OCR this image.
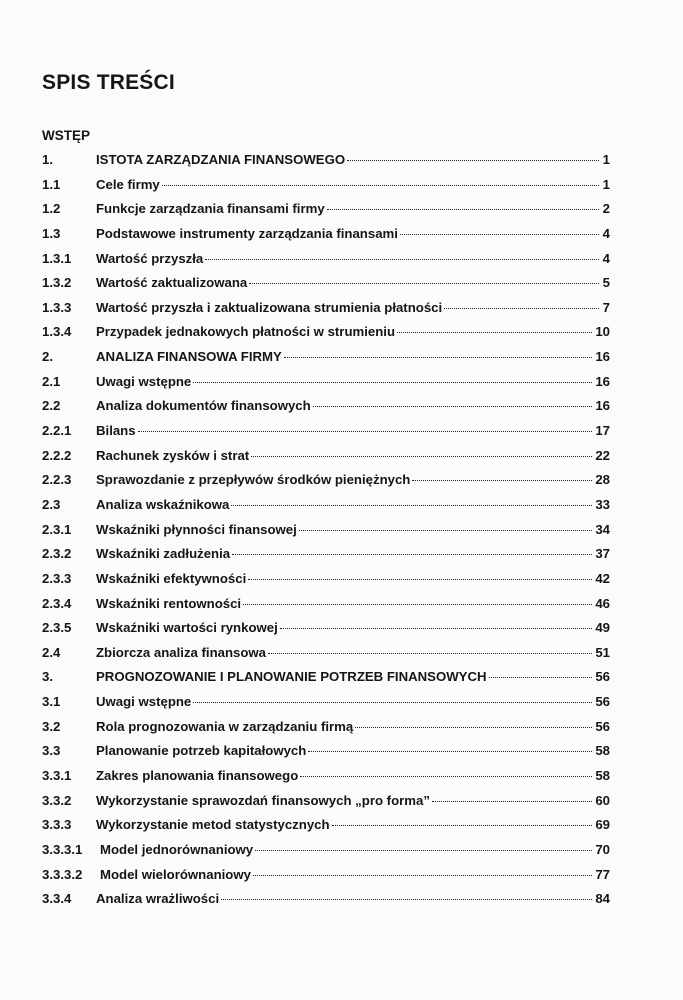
SPIS TREŚCI
WSTĘP
1.	ISTOTA ZARZĄDZANIA FINANSOWEGO	1
1.1	Cele firmy	1
1.2	Funkcje zarządzania finansami firmy	2
1.3	Podstawowe instrumenty zarządzania finansami	4
1.3.1	Wartość przyszła	4
1.3.2	Wartość zaktualizowana	5
1.3.3	Wartość przyszła i zaktualizowana strumienia płatności	7
1.3.4	Przypadek jednakowych płatności w strumieniu	10
2.	ANALIZA FINANSOWA FIRMY	16
2.1	Uwagi wstępne	16
2.2	Analiza dokumentów finansowych	16
2.2.1	Bilans	17
2.2.2	Rachunek zysków i strat	22
2.2.3	Sprawozdanie z przepływów środków pieniężnych	28
2.3	Analiza wskaźnikowa	33
2.3.1	Wskaźniki płynności finansowej	34
2.3.2	Wskaźniki zadłużenia	37
2.3.3	Wskaźniki efektywności	42
2.3.4	Wskaźniki rentowności	46
2.3.5	Wskaźniki wartości rynkowej	49
2.4	Zbiorcza analiza finansowa	51
3.	PROGNOZOWANIE I PLANOWANIE POTRZEB FINANSOWYCH	56
3.1	Uwagi wstępne	56
3.2	Rola prognozowania w zarządzaniu firmą	56
3.3	Planowanie potrzeb kapitałowych	58
3.3.1	Zakres planowania finansowego	58
3.3.2	Wykorzystanie sprawozdań finansowych „pro forma”	60
3.3.3	Wykorzystanie metod statystycznych	69
3.3.3.1	Model jednorównaniowy	70
3.3.3.2	Model wielorównaniowy	77
3.3.4	Analiza wrażliwości	84
